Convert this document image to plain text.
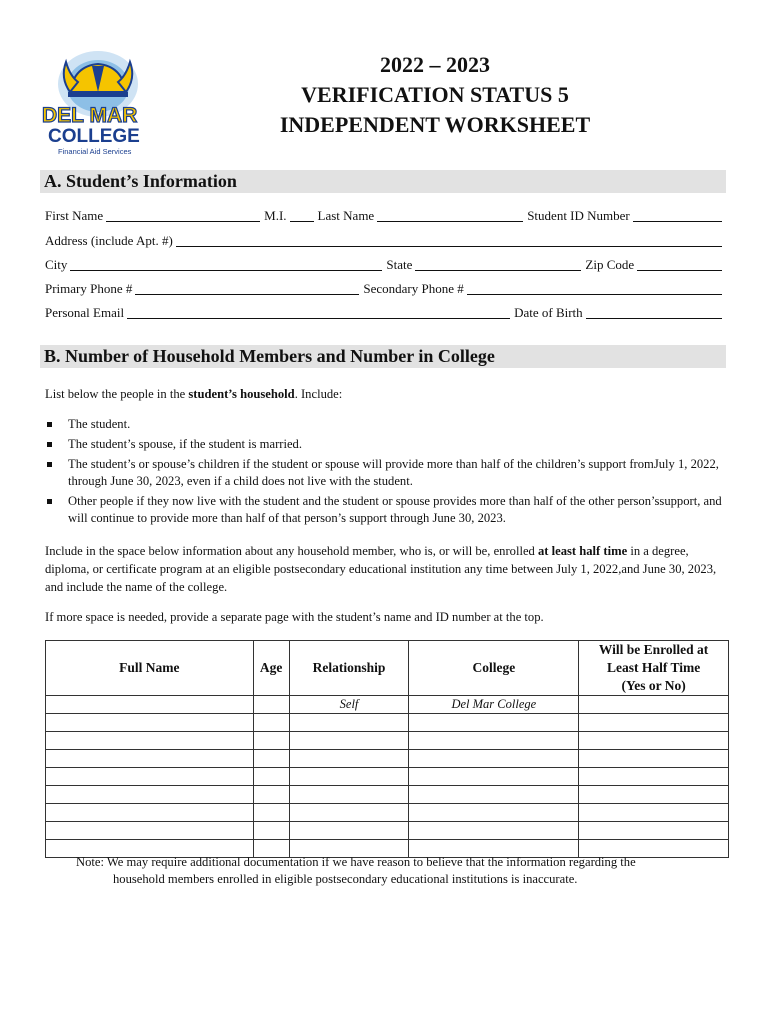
DEL MAR
COLLEGE
Financial Aid Services
2022 – 2023
VERIFICATION STATUS 5
INDEPENDENT WORKSHEET
A. Student’s Information
First Name	M.I. Last Name	Student ID Number
Address (include Apt. #)
City	State	Zip Code
Primary Phone #	Secondary Phone #
Personal Email	Date of Birth
B. Number of Household Members and Number in College
List below the people in the student’s household. Include:
The student.
The student’s spouse, if the student is married.
The student’s or spouse’s children if the student or spouse will provide more than half of the children’s support fromJuly 1, 2022, through June 30, 2023, even if a child does not live with the student.
Other people if they now live with the student and the student or spouse provides more than half of the other person’ssupport, and will continue to provide more than half of that person’s support through June 30, 2023.
Include in the space below information about any household member, who is, or will be, enrolled at least half time in a degree, diploma, or certificate program at an eligible postsecondary educational institution any time between July 1, 2022,and June 30, 2023, and include the name of the college.
If more space is needed, provide a separate page with the student’s name and ID number at the top.
Full Name	Age	Relationship	College	Will be Enrolled at
Least Half Time
(Yes or No)

		Self	Del Mar College	

Note: We may require additional documentation if we have reason to believe that the information regarding the
household members enrolled in eligible postsecondary educational institutions is inaccurate.
